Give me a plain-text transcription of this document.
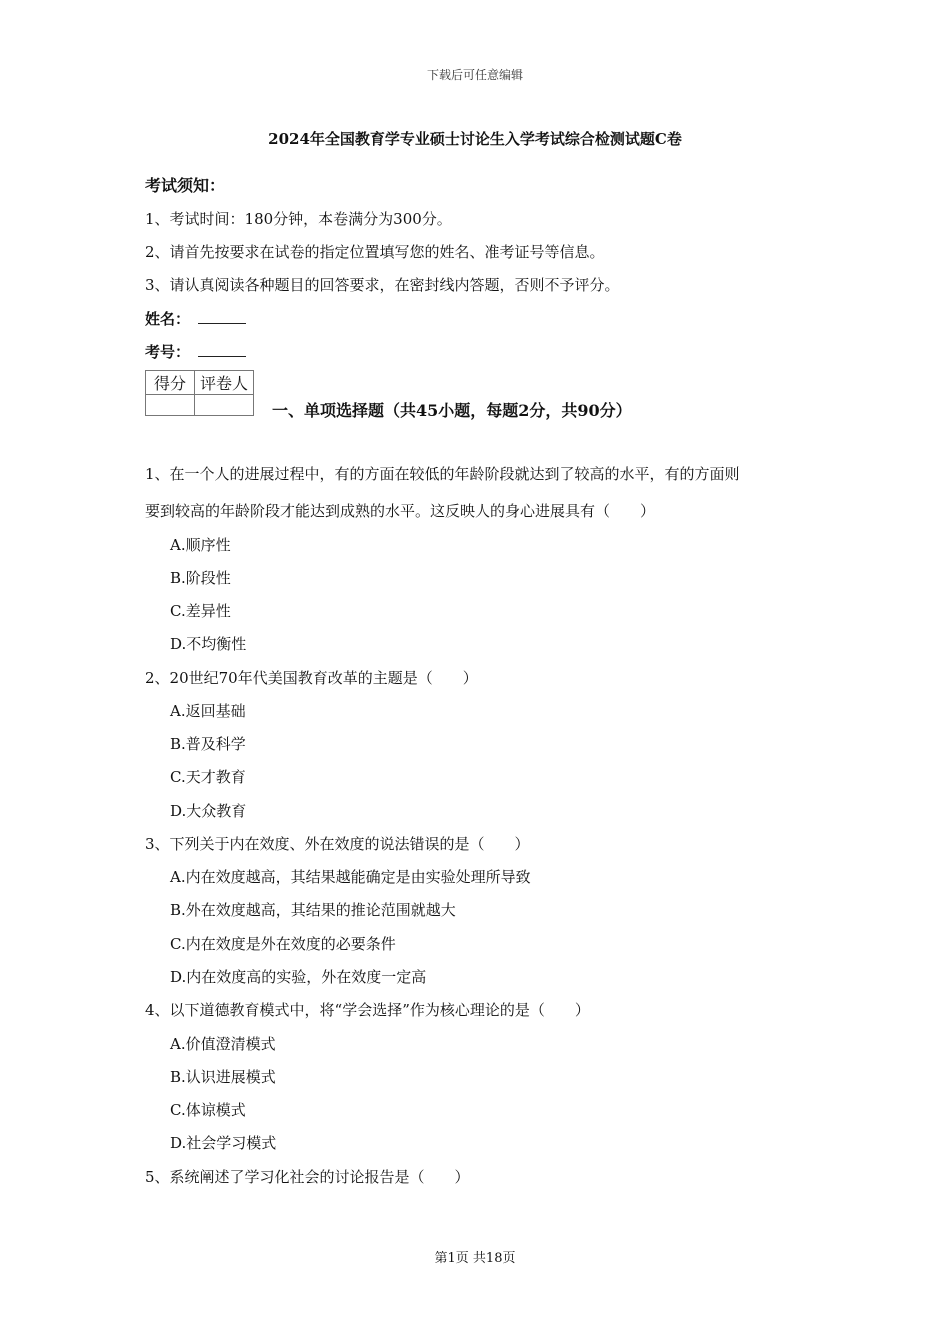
下载后可任意编辑
2024年全国教育学专业硕士讨论生入学考试综合检测试题C卷
考试须知：
1、考试时间：180分钟，本卷满分为300分。
2、请首先按要求在试卷的指定位置填写您的姓名、准考证号等信息。
3、请认真阅读各种题目的回答要求，在密封线内答题，否则不予评分。
姓名：
考号：
得分	评卷人

一、单项选择题（共45小题，每题2分，共90分）
1、在一个人的进展过程中，有的方面在较低的年龄阶段就达到了较高的水平，有的方面则
要到较高的年龄阶段才能达到成熟的水平。这反映人的身心进展具有（　　）
A.顺序性
B.阶段性
C.差异性
D.不均衡性
2、20世纪70年代美国教育改革的主题是（　　）
A.返回基础
B.普及科学
C.天才教育
D.大众教育
3、下列关于内在效度、外在效度的说法错误的是（　　）
A.内在效度越高，其结果越能确定是由实验处理所导致
B.外在效度越高，其结果的推论范围就越大
C.内在效度是外在效度的必要条件
D.内在效度高的实验，外在效度一定高
4、以下道德教育模式中，将“学会选择”作为核心理论的是（　　）
A.价值澄清模式
B.认识进展模式
C.体谅模式
D.社会学习模式
5、系统阐述了学习化社会的讨论报告是（　　）
第1页 共18页
